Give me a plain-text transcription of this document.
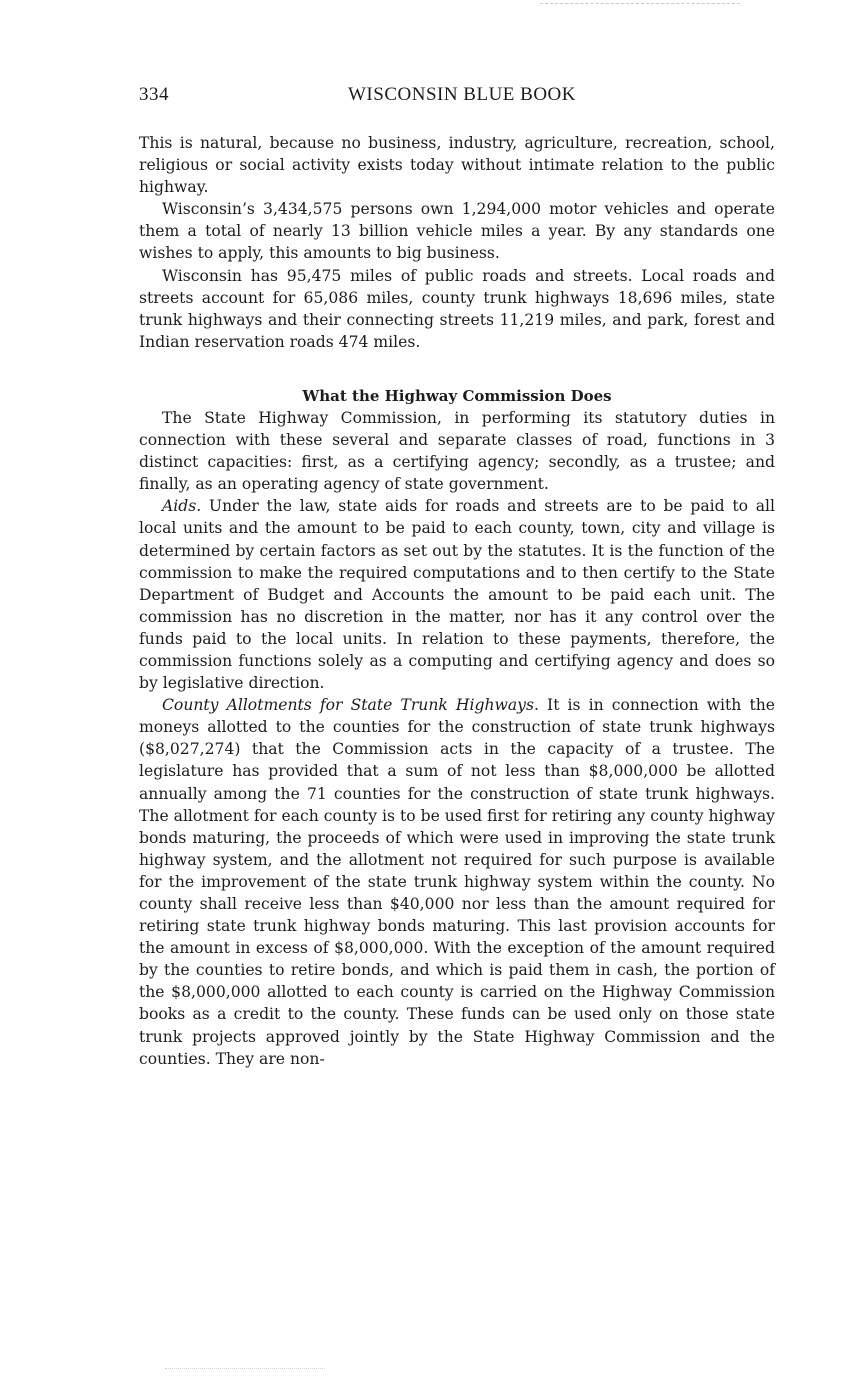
334	WISCONSIN BLUE BOOK

This is natural, because no business, industry, agriculture, recreation, school, religious or social activity exists today without intimate relation to the public highway.

Wisconsin’s 3,434,575 persons own 1,294,000 motor vehicles and operate them a total of nearly 13 billion vehicle miles a year. By any standards one wishes to apply, this amounts to big business.

Wisconsin has 95,475 miles of public roads and streets. Local roads and streets account for 65,086 miles, county trunk highways 18,696 miles, state trunk highways and their connecting streets 11,219 miles, and park, forest and Indian reservation roads 474 miles.

What the Highway Commission Does

The State Highway Commission, in performing its statutory duties in connection with these several and separate classes of road, functions in 3 distinct capacities: first, as a certifying agency; secondly, as a trustee; and finally, as an operating agency of state government.

Aids. Under the law, state aids for roads and streets are to be paid to all local units and the amount to be paid to each county, town, city and village is determined by certain factors as set out by the statutes. It is the function of the commission to make the required computations and to then certify to the State Department of Budget and Accounts the amount to be paid each unit. The commission has no discretion in the matter, nor has it any control over the funds paid to the local units. In relation to these payments, therefore, the commission functions solely as a computing and certifying agency and does so by legislative direction.

County Allotments for State Trunk Highways. It is in connection with the moneys allotted to the counties for the construction of state trunk highways ($8,027,274) that the Commission acts in the capacity of a trustee. The legislature has provided that a sum of not less than $8,000,000 be allotted annually among the 71 counties for the construction of state trunk highways. The allotment for each county is to be used first for retiring any county highway bonds maturing, the proceeds of which were used in improving the state trunk highway system, and the allotment not required for such purpose is available for the improvement of the state trunk highway system within the county. No county shall receive less than $40,000 nor less than the amount required for retiring state trunk highway bonds maturing. This last provision accounts for the amount in excess of $8,000,000. With the exception of the amount required by the counties to retire bonds, and which is paid them in cash, the portion of the $8,000,000 allotted to each county is carried on the Highway Commission books as a credit to the county. These funds can be used only on those state trunk projects approved jointly by the State Highway Commission and the counties. They are non-
